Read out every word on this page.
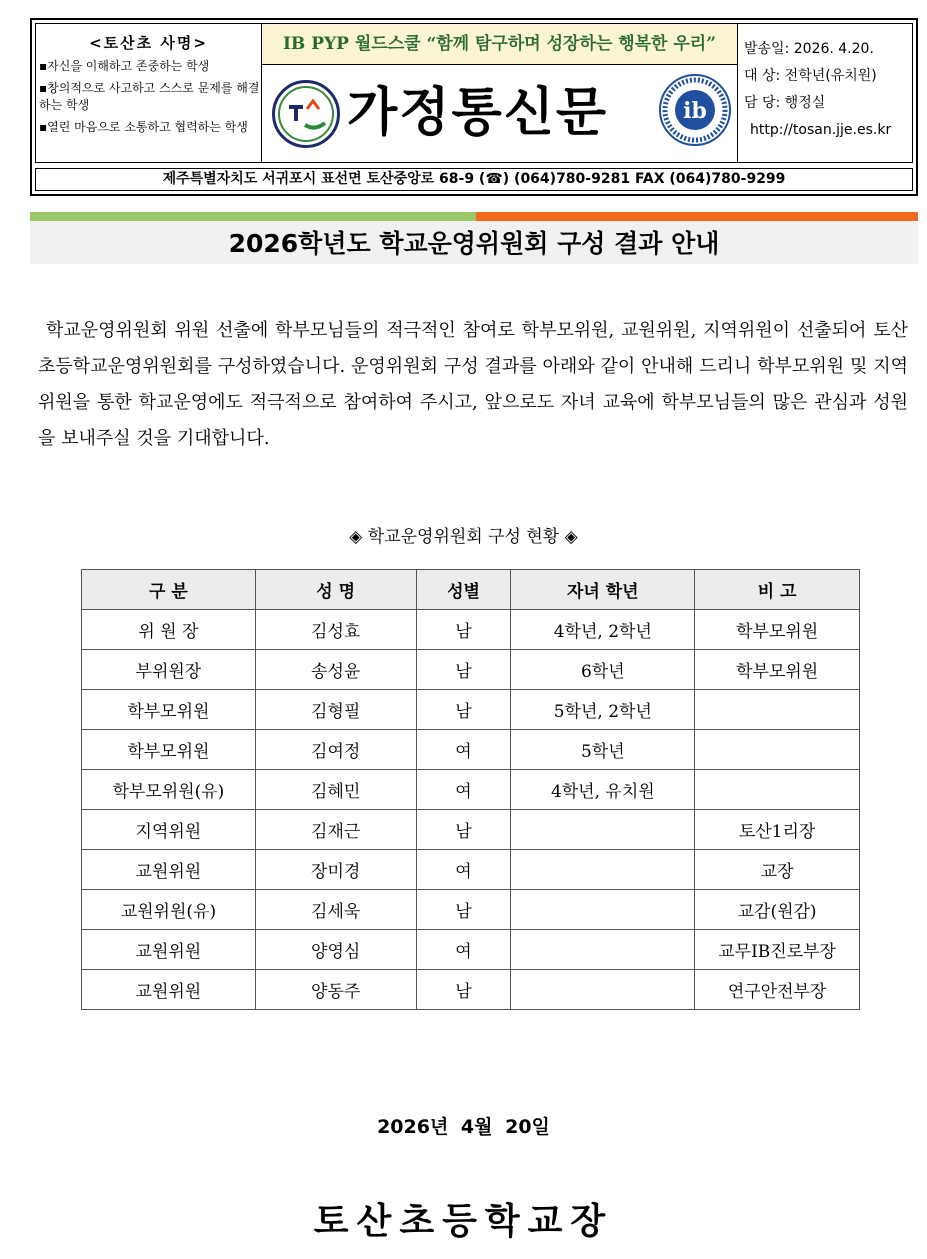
<토산초 사명>
▪자신을 이해하고 존중하는 학생
▪창의적으로 사고하고 스스로 문제를 해결하는 학생
▪열린 마음으로 소통하고 협력하는 학생
IB PYP 월드스쿨 “함께 탐구하며 성장하는 행복한 우리”
가정통신문	ib
발송일: 2026. 4.20.
대 상: 전학년(유치원)
담 당: 행정실
http://tosan.jje.es.kr
제주특별자치도 서귀포시 표선면 토산중앙로 68-9 (☎) (064)780-9281 FAX (064)780-9299
2026학년도 학교운영위원회 구성 결과 안내
학교운영위원회 위원 선출에 학부모님들의 적극적인 참여로 학부모위원, 교원위원, 지역위원이 선출되어 토산초등학교운영위원회를 구성하였습니다. 운영위원회 구성 결과를 아래와 같이 안내해 드리니 학부모위원 및 지역위원을 통한 학교운영에도 적극적으로 참여하여 주시고, 앞으로도 자녀 교육에 학부모님들의 많은 관심과 성원을 보내주실 것을 기대합니다.
◈ 학교운영위원회 구성 현황 ◈
구 분	성 명	성별	자녀 학년	비 고
위 원 장	김성효	남	4학년, 2학년	학부모위원
부위원장	송성윤	남	6학년	학부모위원
학부모위원	김형필	남	5학년, 2학년	
학부모위원	김여정	여	5학년	
학부모위원(유)	김혜민	여	4학년, 유치원	
지역위원	김재근	남		토산1리장
교원위원	장미경	여		교장
교원위원(유)	김세욱	남		교감(원감)
교원위원	양영심	여		교무IB진로부장
교원위원	양동주	남		연구안전부장
2026년 4월 20일
토산초등학교장
